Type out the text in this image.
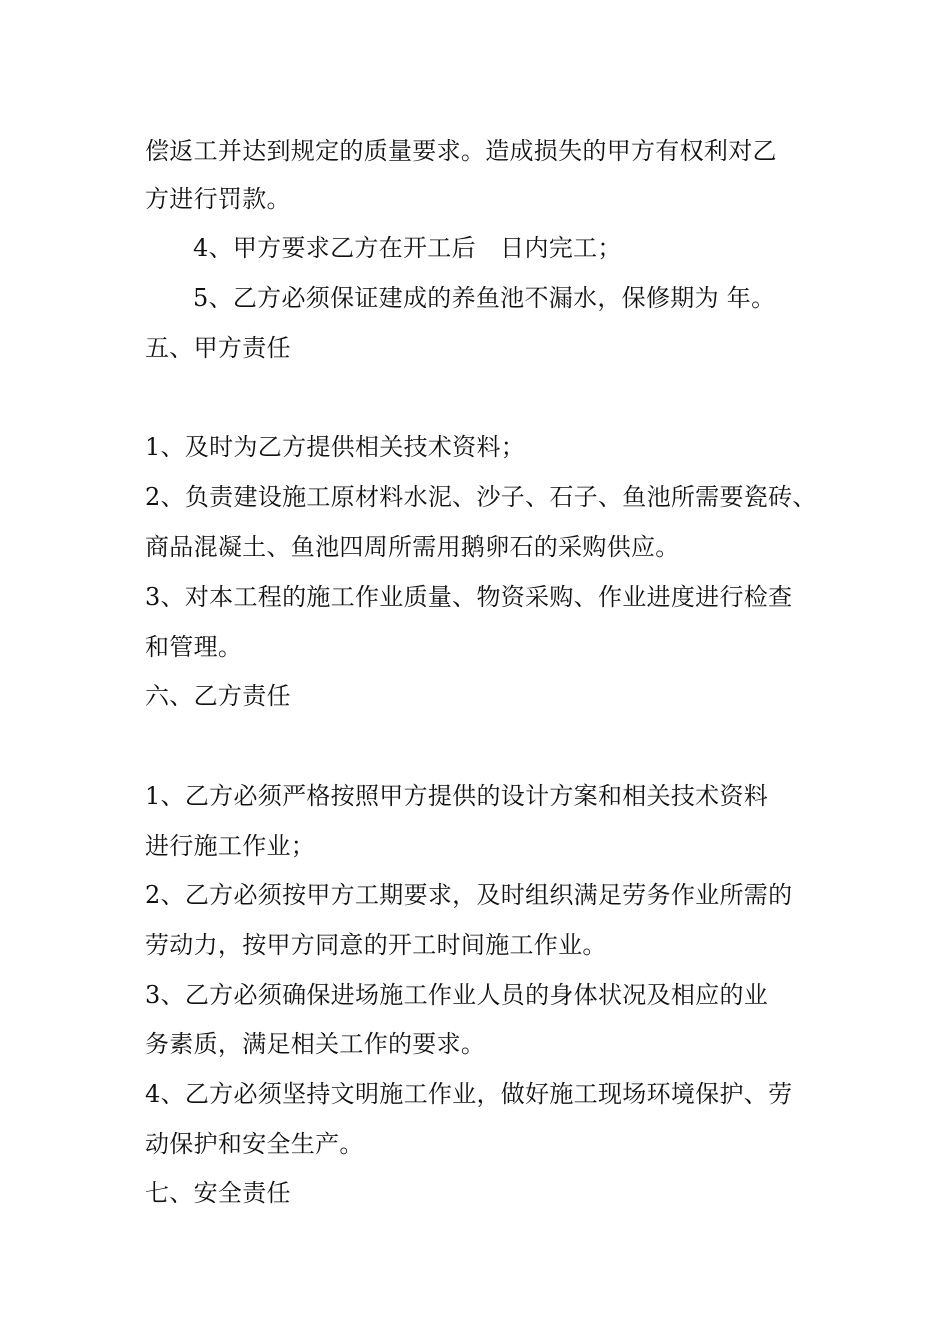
偿返工并达到规定的质量要求。造成损失的甲方有权利对乙
方进行罚款。
4、甲方要求乙方在开工后　日内完工；
5、乙方必须保证建成的养鱼池不漏水，保修期为 年。
五、甲方责任
1、及时为乙方提供相关技术资料；
2、负责建设施工原材料水泥、沙子、石子、鱼池所需要瓷砖、
商品混凝土、鱼池四周所需用鹅卵石的采购供应。
3、对本工程的施工作业质量、物资采购、作业进度进行检查
和管理。
六、乙方责任
1、乙方必须严格按照甲方提供的设计方案和相关技术资料
进行施工作业；
2、乙方必须按甲方工期要求，及时组织满足劳务作业所需的
劳动力，按甲方同意的开工时间施工作业。
3、乙方必须确保进场施工作业人员的身体状况及相应的业
务素质，满足相关工作的要求。
4、乙方必须坚持文明施工作业，做好施工现场环境保护、劳
动保护和安全生产。
七、安全责任
